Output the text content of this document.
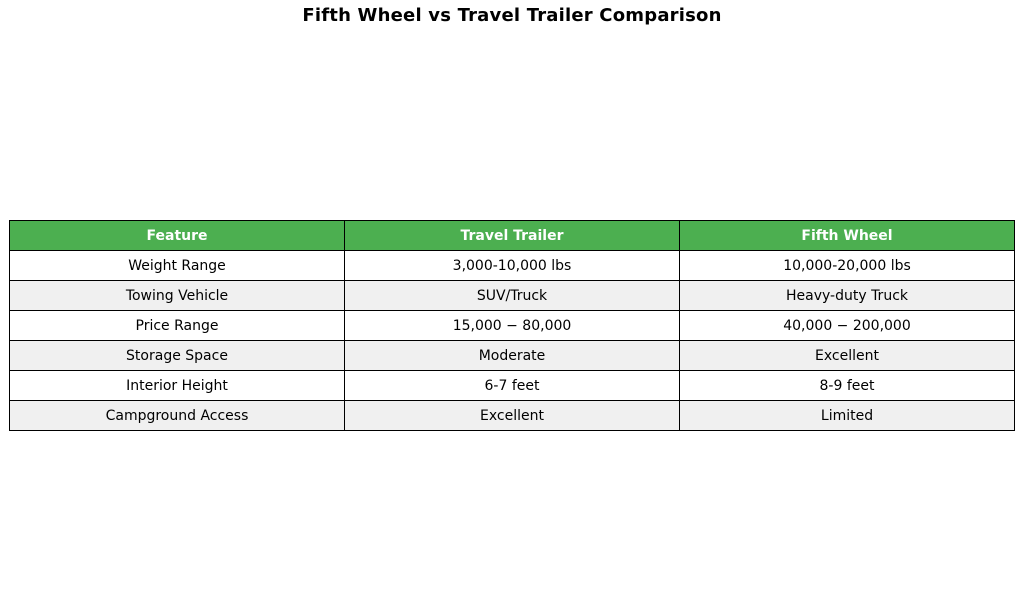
Fifth Wheel vs Travel Trailer Comparison
Feature	Travel Trailer	Fifth Wheel
Weight Range	3,000-10,000 lbs	10,000-20,000 lbs
Towing Vehicle	SUV/Truck	Heavy-duty Truck
Price Range	15,000 − 80,000	40,000 − 200,000
Storage Space	Moderate	Excellent
Interior Height	6-7 feet	8-9 feet
Campground Access	Excellent	Limited
